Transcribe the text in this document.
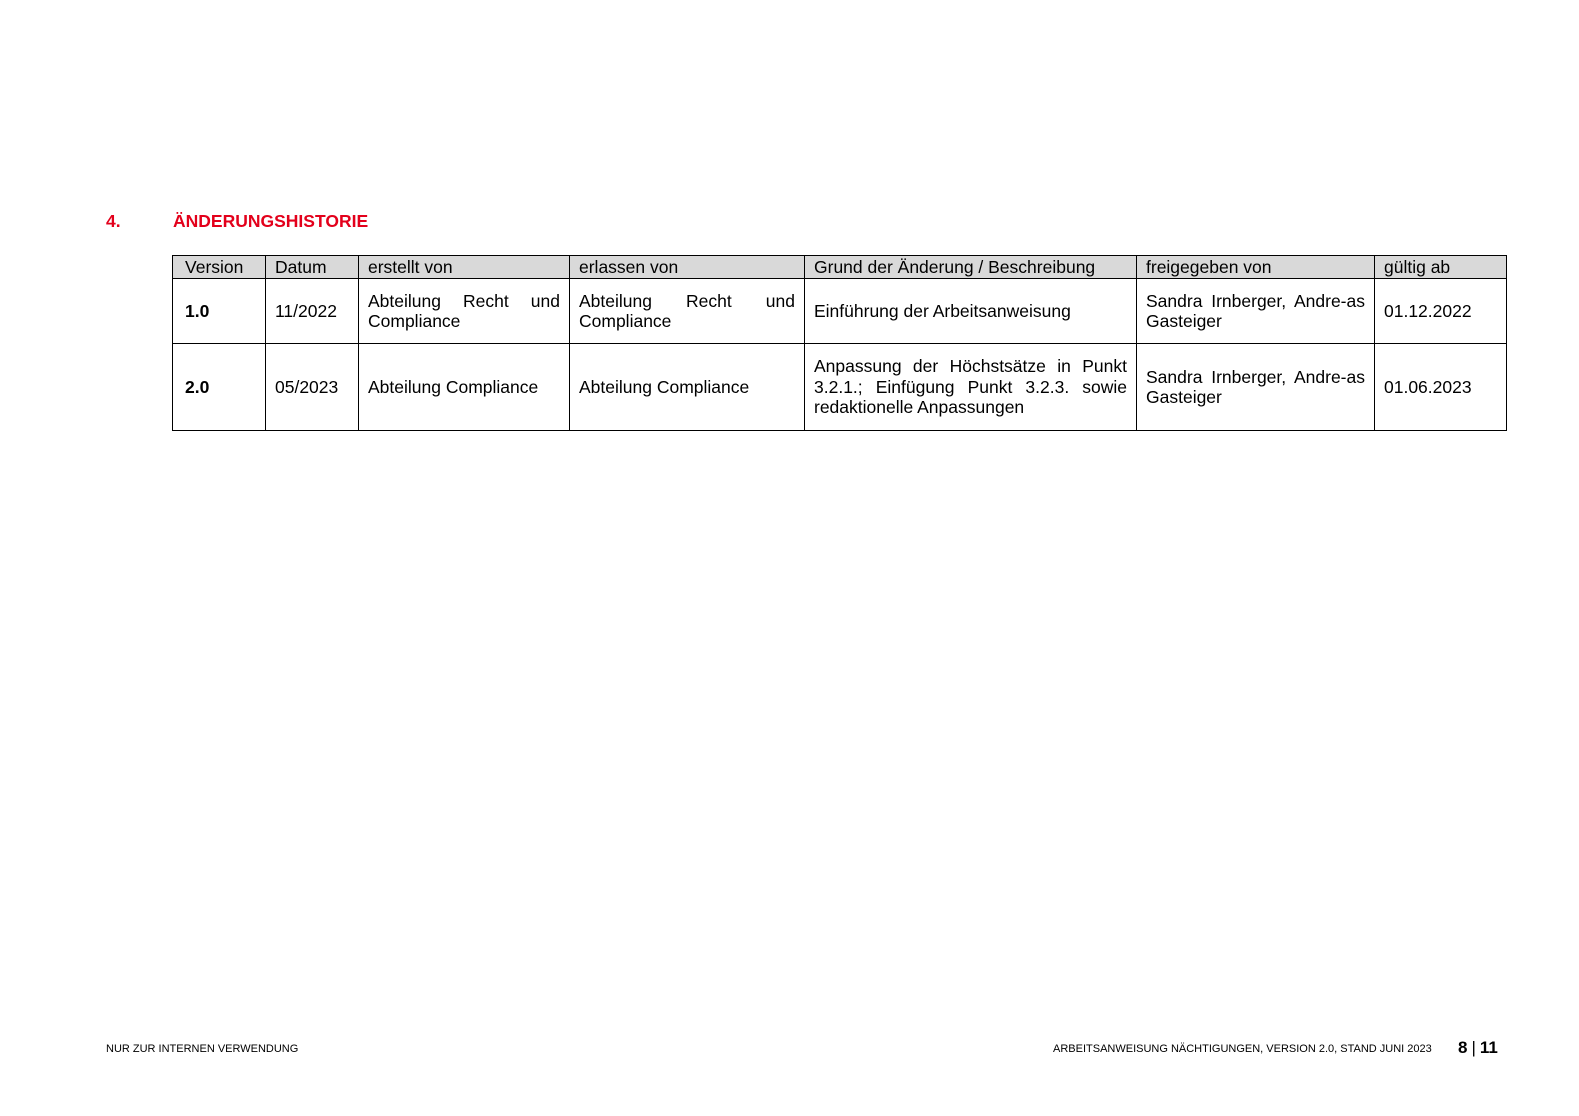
4.	ÄNDERUNGSHISTORIE
Version	Datum	erstellt von	erlassen von	Grund der Änderung / Beschreibung	freigegeben von	gültig ab
1.0	11/2022	Abteilung Recht und Compliance	Abteilung Recht und Compliance	Einführung der Arbeitsanweisung	Sandra Irnberger, Andre-as Gasteiger	01.12.2022
2.0	05/2023	Abteilung Compliance	Abteilung Compliance	Anpassung der Höchstsätze in Punkt 3.2.1.; Einfügung Punkt 3.2.3. sowie redaktionelle Anpassungen	Sandra Irnberger, Andre-as Gasteiger	01.06.2023
NUR ZUR INTERNEN VERWENDUNG	ARBEITSANWEISUNG NÄCHTIGUNGEN, VERSION 2.0, STAND JUNI 2023 8 | 11
